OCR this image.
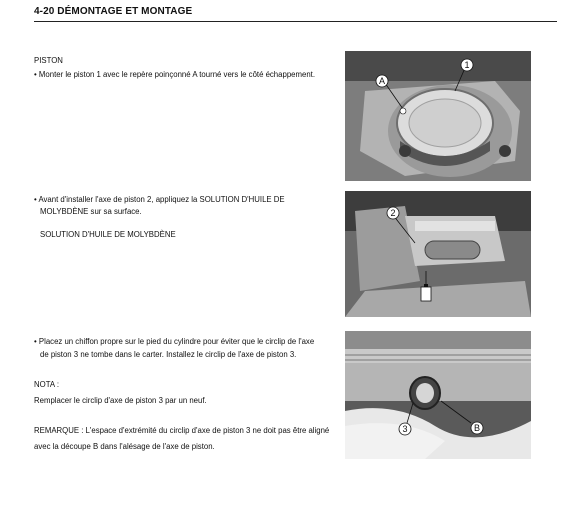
4-20 DÉMONTAGE ET MONTAGE
PISTON
• Monter le piston 1 avec le repère poinçonné A tourné vers le côté échappement.
A
1
• Avant d'installer l'axe de piston 2, appliquez la SOLUTION D'HUILE DE
MOLYBDÈNE sur sa surface.
SOLUTION D'HUILE DE MOLYBDÈNE
2
• Placez un chiffon propre sur le pied du cylindre pour éviter que le circlip de l'axe
de piston 3 ne tombe dans le carter. Installez le circlip de l'axe de piston 3.
NOTA :
Remplacer le circlip d'axe de piston 3 par un neuf.
REMARQUE : L'espace d'extrémité du circlip d'axe de piston 3 ne doit pas être aligné
avec la découpe B dans l'alésage de l'axe de piston.
3	B
